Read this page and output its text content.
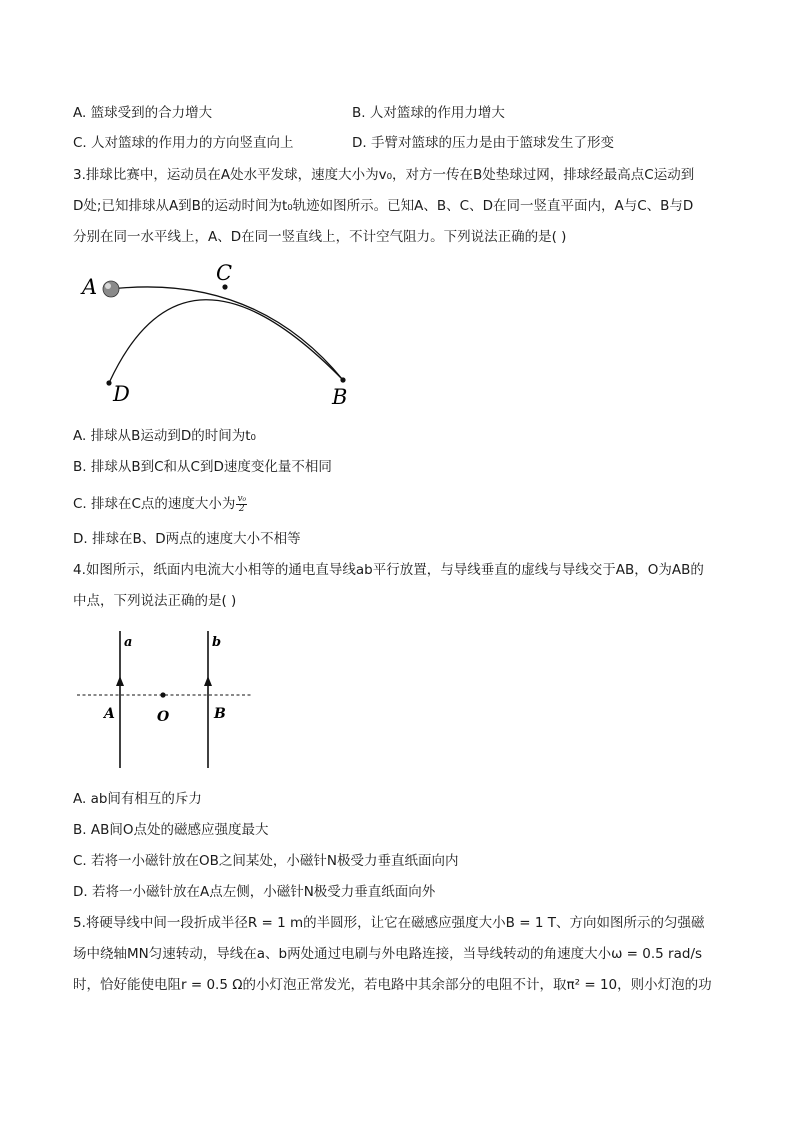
A. 篮球受到的合力增大	B. 人对篮球的作用力增大
C. 人对篮球的作用力的方向竖直向上	D. 手臂对篮球的压力是由于篮球发生了形变
3.排球比赛中，运动员在A处水平发球，速度大小为v₀，对方一传在B处垫球过网，排球经最高点C运动到
D处;已知排球从A到B的运动时间为t₀轨迹如图所示。已知A、B、C、D在同一竖直平面内，A与C、B与D
分别在同一水平线上，A、D在同一竖直线上，不计空气阻力。下列说法正确的是( )
A
C
D	B
A. 排球从B运动到D的时间为t₀
B. 排球从B到C和从C到D速度变化量不相同
C. 排球在C点的速度大小为 $\frac{\text{v₀}}{2}$
D. 排球在B、D两点的速度大小不相等
4.如图所示，纸面内电流大小相等的通电直导线ab平行放置，与导线垂直的虚线与导线交于AB，O为AB的
中点，下列说法正确的是( )
a	b
A	O	B
A. ab间有相互的斥力
B. AB间O点处的磁感应强度最大
C. 若将一小磁针放在OB之间某处，小磁针N极受力垂直纸面向内
D. 若将一小磁针放在A点左侧，小磁针N极受力垂直纸面向外
5.将硬导线中间一段折成半径R = 1 m的半圆形，让它在磁感应强度大小B = 1 T、方向如图所示的匀强磁
场中绕轴MN匀速转动，导线在a、b两处通过电刷与外电路连接，当导线转动的角速度大小ω = 0.5 rad/s
时，恰好能使电阻r = 0.5 Ω的小灯泡正常发光，若电路中其余部分的电阻不计，取π² = 10，则小灯泡的功
